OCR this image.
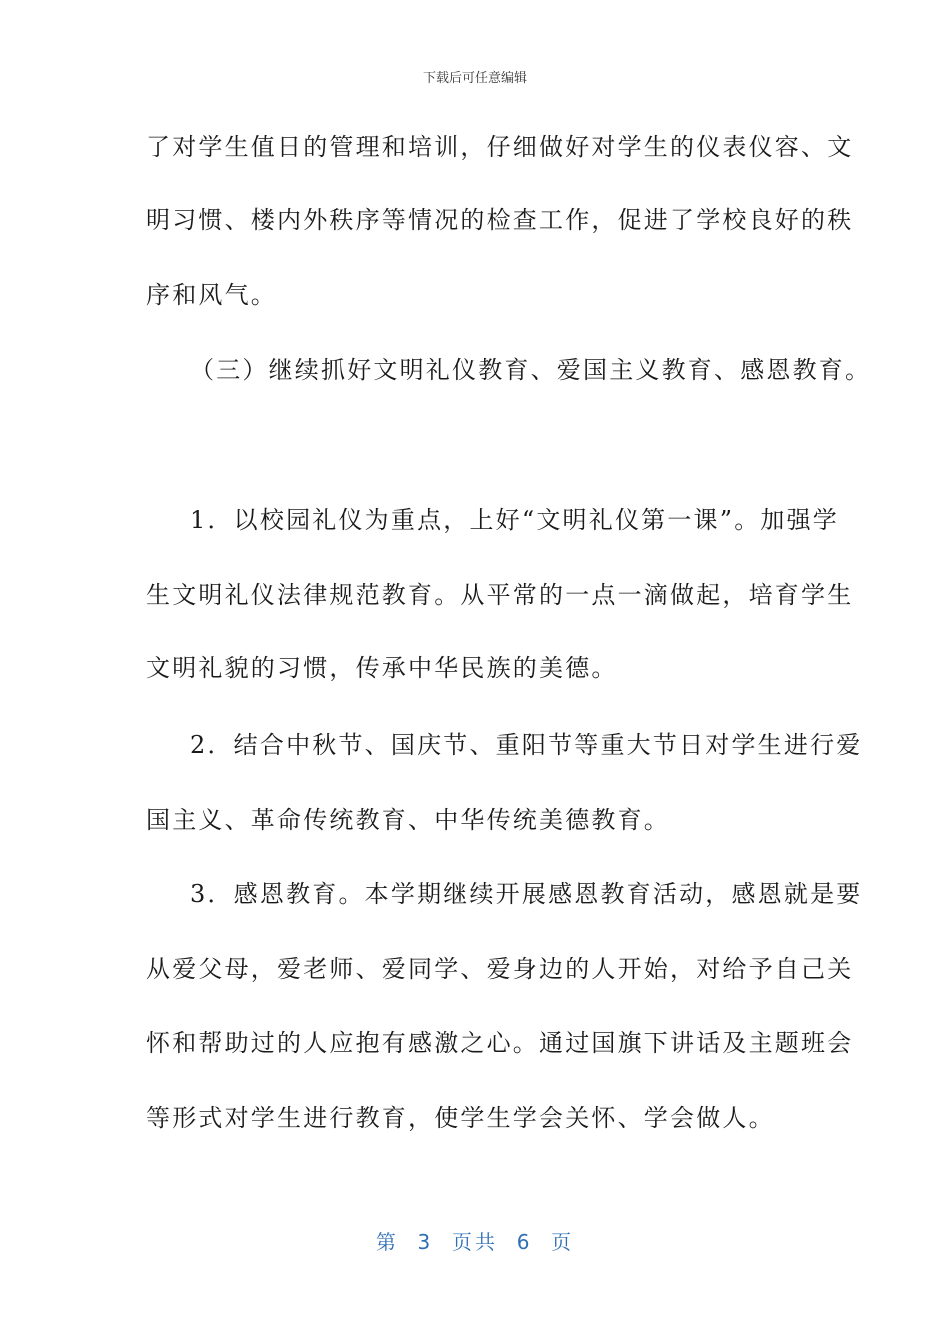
下载后可任意编辑
了对学生值日的管理和培训，仔细做好对学生的仪表仪容、文
明习惯、楼内外秩序等情况的检查工作，促进了学校良好的秩
序和风气。
（三）继续抓好文明礼仪教育、爱国主义教育、感恩教育。
1．以校园礼仪为重点，上好“文明礼仪第一课”。加强学
生文明礼仪法律规范教育。从平常的一点一滴做起，培育学生
文明礼貌的习惯，传承中华民族的美德。
2．结合中秋节、国庆节、重阳节等重大节日对学生进行爱
国主义、革命传统教育、中华传统美德教育。
3．感恩教育。本学期继续开展感恩教育活动，感恩就是要
从爱父母，爱老师、爱同学、爱身边的人开始，对给予自己关
怀和帮助过的人应抱有感激之心。通过国旗下讲话及主题班会
等形式对学生进行教育，使学生学会关怀、学会做人。
第  3  页共  6  页
